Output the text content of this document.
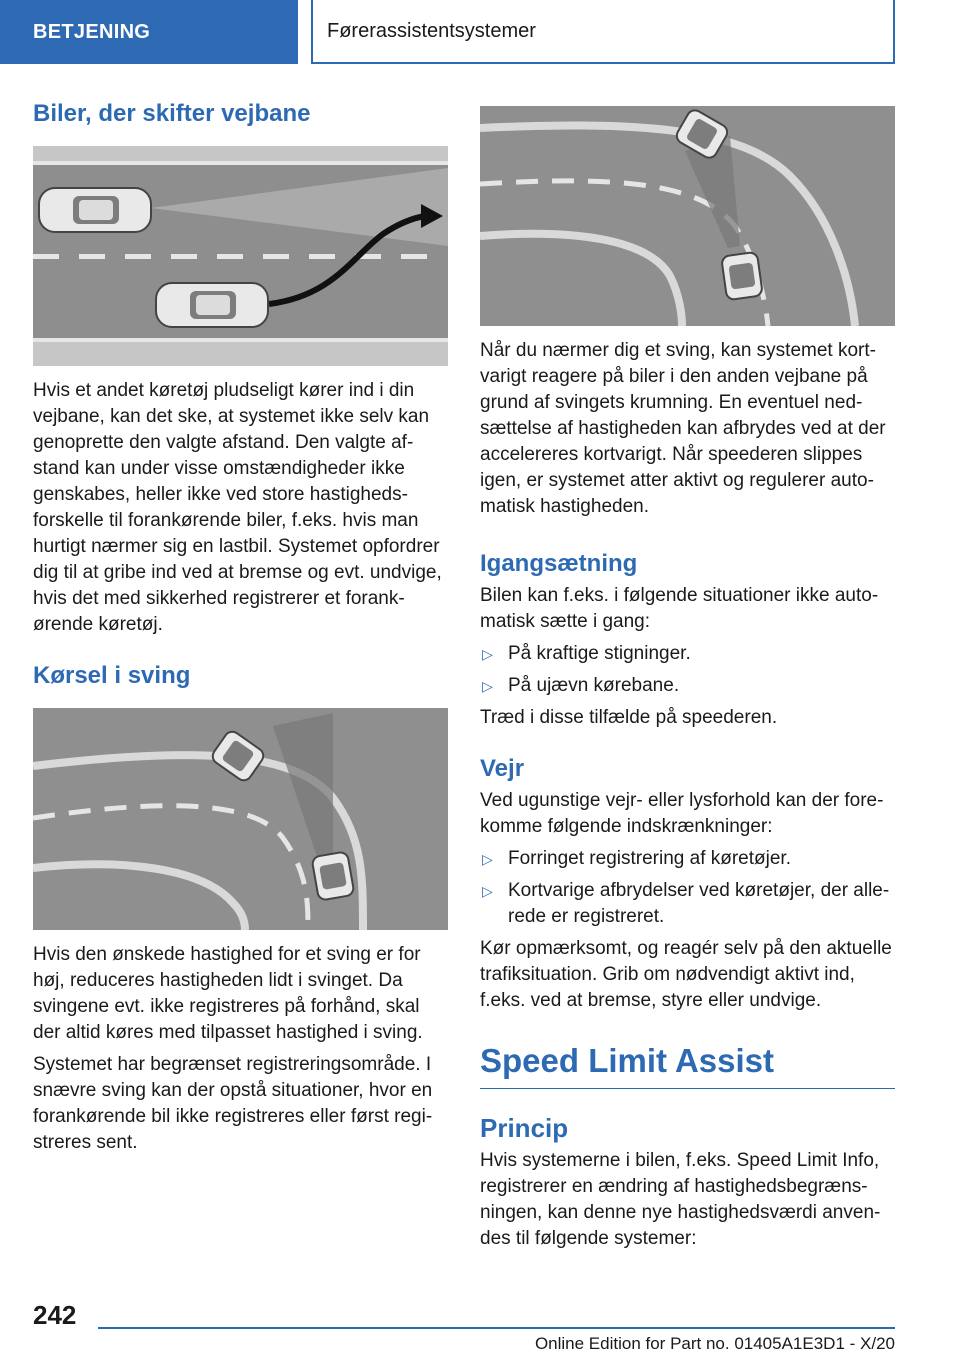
BETJENING	Førerassistentsystemer
Biler, der skifter vejbane

Hvis et andet køretøj pludseligt kører ind i din vejbane, kan det ske, at systemet ikke selv kan genoprette den valgte afstand. Den valgte afstand kan under visse omstændigheder ikke genskabes, heller ikke ved store hastighedsforskelle til forankørende biler, f.eks. hvis man hurtigt nærmer sig en lastbil. Systemet opfordrer dig til at gribe ind ved at bremse og evt. undvige, hvis det med sikkerhed registrerer et forankørende køretøj.

Kørsel i sving

Hvis den ønskede hastighed for et sving er for høj, reduceres hastigheden lidt i svinget. Da svingene evt. ikke registreres på forhånd, skal der altid køres med tilpasset hastighed i sving.

Systemet har begrænset registreringsområde. I snævre sving kan der opstå situationer, hvor en forankørende bil ikke registreres eller først registreres sent.

Når du nærmer dig et sving, kan systemet kortvarigt reagere på biler i den anden vejbane på grund af svingets krumning. En eventuel nedsættelse af hastigheden kan afbrydes ved at der accelereres kortvarigt. Når speederen slippes igen, er systemet atter aktivt og regulerer automatisk hastigheden.

Igangsætning

Bilen kan f.eks. i følgende situationer ikke automatisk sætte i gang:

▷ På kraftige stigninger.
▷ På ujævn kørebane.

Træd i disse tilfælde på speederen.

Vejr

Ved ugunstige vejr- eller lysforhold kan der forekomme følgende indskrænkninger:

▷ Forringet registrering af køretøjer.
▷ Kortvarige afbrydelser ved køretøjer, der allerede er registreret.

Kør opmærksomt, og reagér selv på den aktuelle trafiksituation. Grib om nødvendigt aktivt ind, f.eks. ved at bremse, styre eller undvige.

Speed Limit Assist
Princip

Hvis systemerne i bilen, f.eks. Speed Limit Info, registrerer en ændring af hastighedsbegrænsningen, kan denne nye hastighedsværdi anvendes til følgende systemer:

242
Online Edition for Part no. 01405A1E3D1 - X/20
